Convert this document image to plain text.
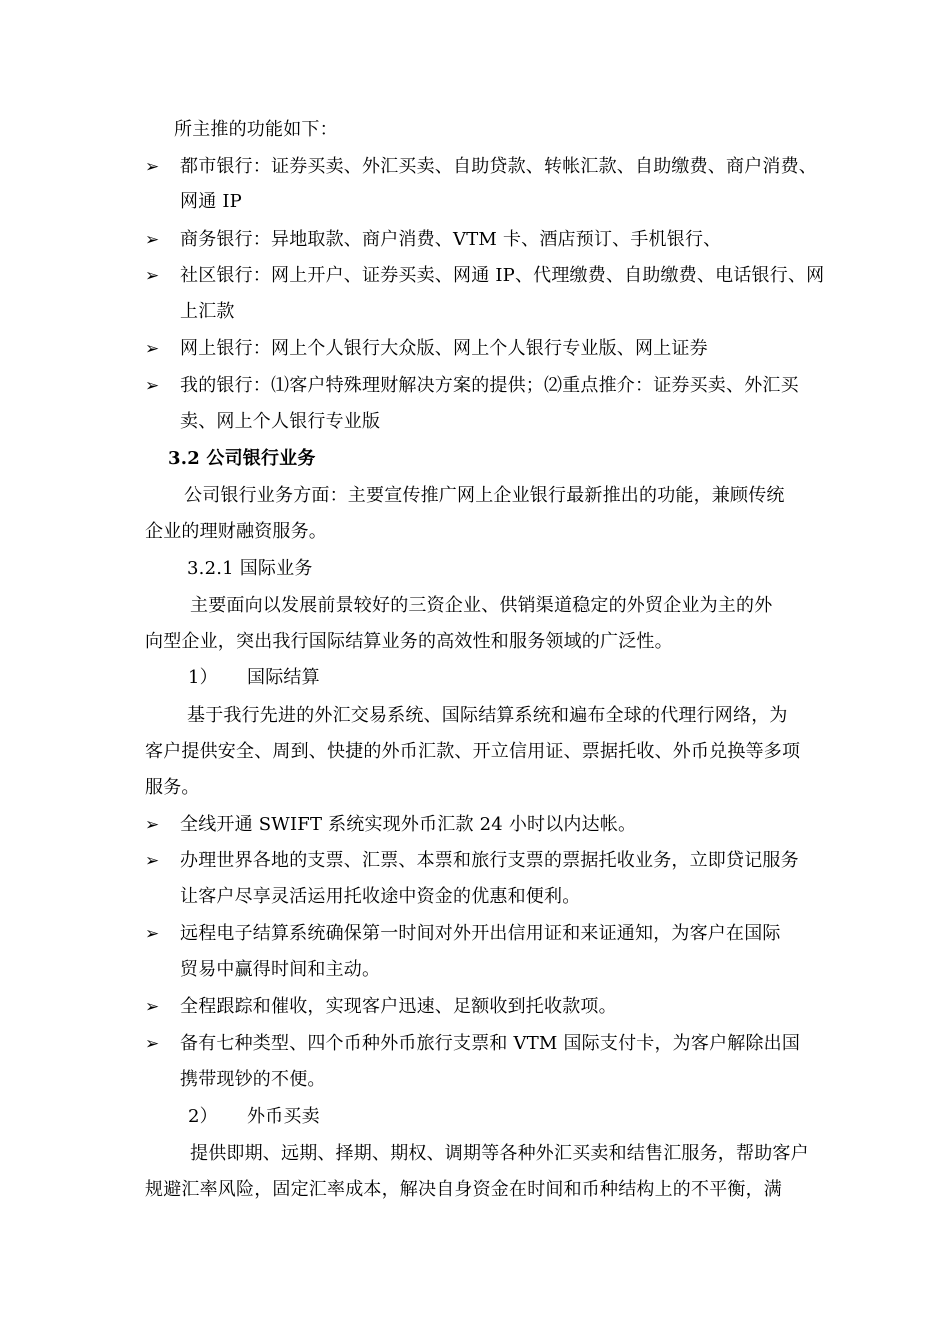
所主推的功能如下：
➢ 都市银行：证券买卖、外汇买卖、自助贷款、转帐汇款、自助缴费、商户消费、
网通 IP
➢ 商务银行：异地取款、商户消费、VTM 卡、酒店预订、手机银行、
➢ 社区银行：网上开户、证券买卖、网通 IP、代理缴费、自助缴费、电话银行、网
上汇款
➢ 网上银行：网上个人银行大众版、网上个人银行专业版、网上证券
➢ 我的银行：⑴客户特殊理财解决方案的提供；⑵重点推介：证券买卖、外汇买
卖、网上个人银行专业版
3.2 公司银行业务
公司银行业务方面：主要宣传推广网上企业银行最新推出的功能，兼顾传统
企业的理财融资服务。
3.2.1 国际业务
主要面向以发展前景较好的三资企业、供销渠道稳定的外贸企业为主的外
向型企业，突出我行国际结算业务的高效性和服务领域的广泛性。
1） 国际结算
基于我行先进的外汇交易系统、国际结算系统和遍布全球的代理行网络，为
客户提供安全、周到、快捷的外币汇款、开立信用证、票据托收、外币兑换等多项
服务。
➢ 全线开通 SWIFT 系统实现外币汇款 24 小时以内达帐。
➢ 办理世界各地的支票、汇票、本票和旅行支票的票据托收业务，立即贷记服务
让客户尽享灵活运用托收途中资金的优惠和便利。
➢ 远程电子结算系统确保第一时间对外开出信用证和来证通知，为客户在国际
贸易中赢得时间和主动。
➢ 全程跟踪和催收，实现客户迅速、足额收到托收款项。
➢ 备有七种类型、四个币种外币旅行支票和 VTM 国际支付卡，为客户解除出国
携带现钞的不便。
2） 外币买卖
提供即期、远期、择期、期权、调期等各种外汇买卖和结售汇服务，帮助客户
规避汇率风险，固定汇率成本，解决自身资金在时间和币种结构上的不平衡，满
